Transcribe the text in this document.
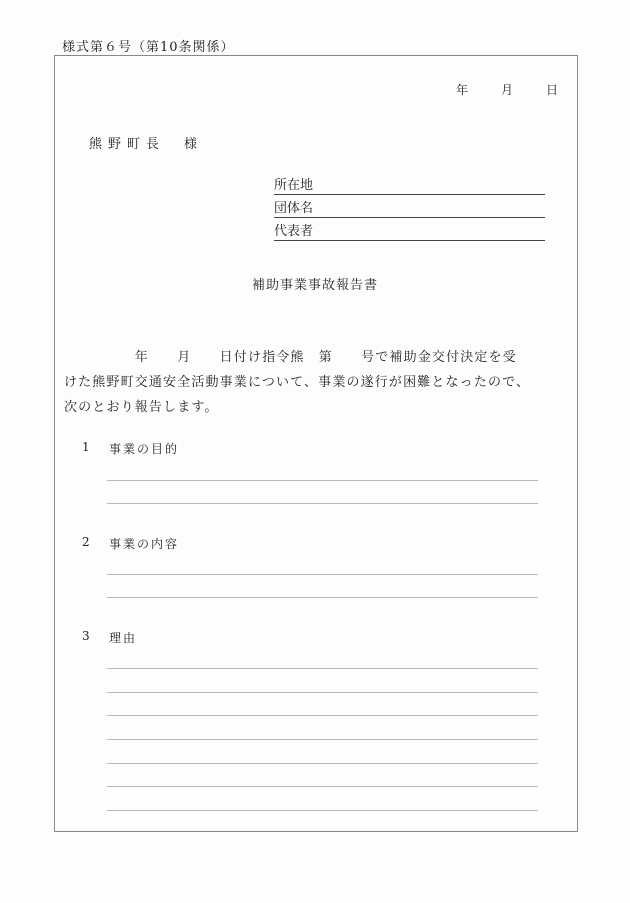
様式第６号（第10条関係）
年	月	日
熊野町長　様
所在地
団体名
代表者
補助事業事故報告書
　　　　　年　　月　　日付け指令熊　第　　号で補助金交付決定を受
けた熊野町交通安全活動事業について、事業の遂行が困難となったので、
次のとおり報告します。
1 事業の目的
2 事業の内容
3 理由
